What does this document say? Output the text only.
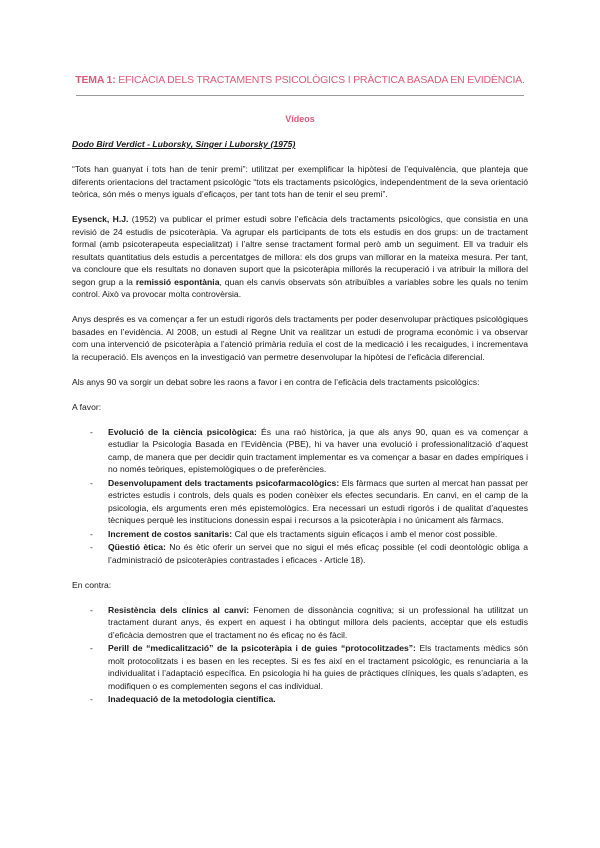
TEMA 1: EFICÀCIA DELS TRACTAMENTS PSICOLÒGICS I PRÀCTICA BASADA EN EVIDÈNCIA.
Vídeos

Dodo Bird Verdict - Luborsky, Singer i Luborsky (1975)

“Tots han guanyat i tots han de tenir premi”: utilitzat per exemplificar la hipòtesi de l’equivalència, que planteja que diferents orientacions del tractament psicològic “tots els tractaments psicològics, independentment de la seva orientació teòrica, són més o menys iguals d’eficaços, per tant tots han de tenir el seu premi”.

Eysenck, H.J. (1952) va publicar el primer estudi sobre l’eficàcia dels tractaments psicològics, que consistia en una revisió de 24 estudis de psicoteràpia. Va agrupar els participants de tots els estudis en dos grups: un de tractament formal (amb psicoterapeuta especialitzat) i l’altre sense tractament formal però amb un seguiment. Ell va traduir els resultats quantitatius dels estudis a percentatges de millora: els dos grups van millorar en la mateixa mesura. Per tant, va concloure que els resultats no donaven suport que la psicoteràpia millorés la recuperació i va atribuir la millora del segon grup a la remissió espontània, quan els canvis observats són atribuïbles a variables sobre les quals no tenim control. Això va provocar molta controvèrsia.

Anys després es va començar a fer un estudi rigorós dels tractaments per poder desenvolupar pràctiques psicològiques basades en l’evidència. Al 2008, un estudi al Regne Unit va realitzar un estudi de programa econòmic i va observar com una intervenció de psicoteràpia a l’atenció primària reduïa el cost de la medicació i les recaigudes, i incrementava la recuperació. Els avenços en la investigació van permetre desenvolupar la hipòtesi de l’eficàcia diferencial.

Als anys 90 va sorgir un debat sobre les raons a favor i en contra de l’eficàcia dels tractaments psicològics:

A favor:

- Evolució de la ciència psicològica: És una raó històrica, ja que als anys 90, quan es va començar a estudiar la Psicologia Basada en l’Evidència (PBE), hi va haver una evolució i professionalització d’aquest camp, de manera que per decidir quin tractament implementar es va començar a basar en dades empíriques i no només teòriques, epistemològiques o de preferències.
- Desenvolupament dels tractaments psicofarmacològics: Els fàrmacs que surten al mercat han passat per estrictes estudis i controls, dels quals es poden conèixer els efectes secundaris. En canvi, en el camp de la psicologia, els arguments eren més epistemològics. Era necessari un estudi rigorós i de qualitat d’aquestes tècniques perquè les institucions donessin espai i recursos a la psicoteràpia i no únicament als fàrmacs.
- Increment de costos sanitaris: Cal que els tractaments siguin eficaços i amb el menor cost possible.
- Qüestió ètica: No és ètic oferir un servei que no sigui el més eficaç possible (el codi deontològic obliga a l’administració de psicoteràpies contrastades i eficaces - Article 18).

En contra:

- Resistència dels clínics al canvi: Fenomen de dissonància cognitiva; si un professional ha utilitzat un tractament durant anys, és expert en aquest i ha obtingut millora dels pacients, acceptar que els estudis d’eficàcia demostren que el tractament no és eficaç no és fàcil.
- Perill de “medicalització” de la psicoteràpia i de guies “protocolitzades”: Els tractaments mèdics són molt protocolitzats i es basen en les receptes. Si es fes així en el tractament psicològic, es renunciaria a la individualitat i l’adaptació específica. En psicologia hi ha guies de pràctiques clíniques, les quals s’adapten, es modifiquen o es complementen segons el cas individual.
- Inadequació de la metodologia científica.
